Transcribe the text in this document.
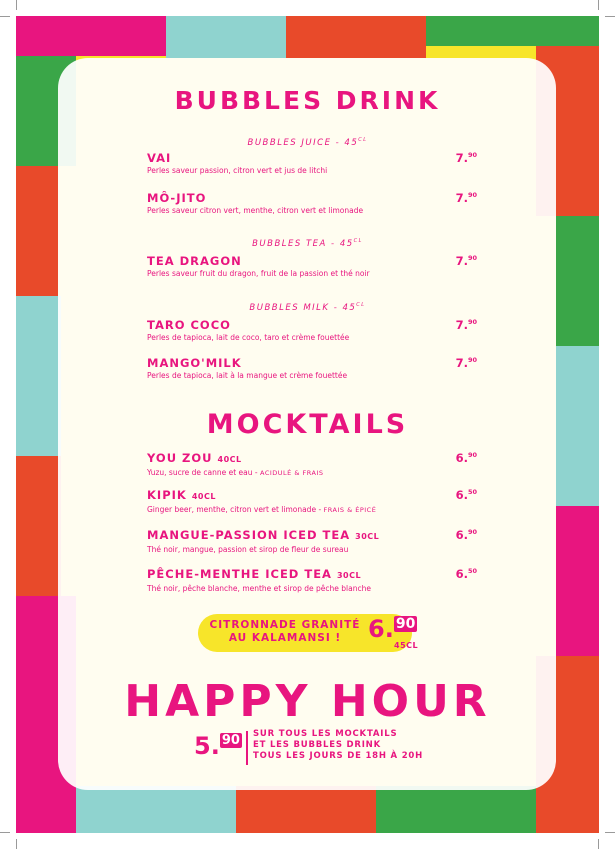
BUBBLES DRINK
BUBBLES JUICE - $45^{CL}$
VAI
Perles saveur passion, citron vert et jus de litchi
7.90
MÔ-JITO
Perles saveur citron vert, menthe, citron vert et limonade
7.90
BUBBLES TEA - $45^{CL}$
TEA DRAGON
Perles saveur fruit du dragon, fruit de la passion et thé noir
7.90
BUBBLES MILK - $45^{CL}$
TARO COCO
Perles de tapioca, lait de coco, taro et crème fouettée
7.90
MANGO'MILK
Perles de tapioca, lait à la mangue et crème fouettée
7.90
MOCKTAILS
YOU ZOU 40CL
Yuzu, sucre de canne et eau - ACIDULÉ & FRAIS
6.90
KIPIK 40CL
Ginger beer, menthe, citron vert et limonade - FRAIS & ÉPICÉ
6.50
MANGUE-PASSION ICED TEA 30CL
Thé noir, mangue, passion et sirop de fleur de sureau
6.90
PÊCHE-MENTHE ICED TEA 30CL
Thé noir, pêche blanche, menthe et sirop de pêche blanche
6.50
CITRONNADE GRANITÉ
AU KALAMANSI !	6. 90
45CL
HAPPY HOUR
5. 90 SUR TOUS LES MOCKTAILS
ET LES BUBBLES DRINK
TOUS LES JOURS DE 18H À 20H
